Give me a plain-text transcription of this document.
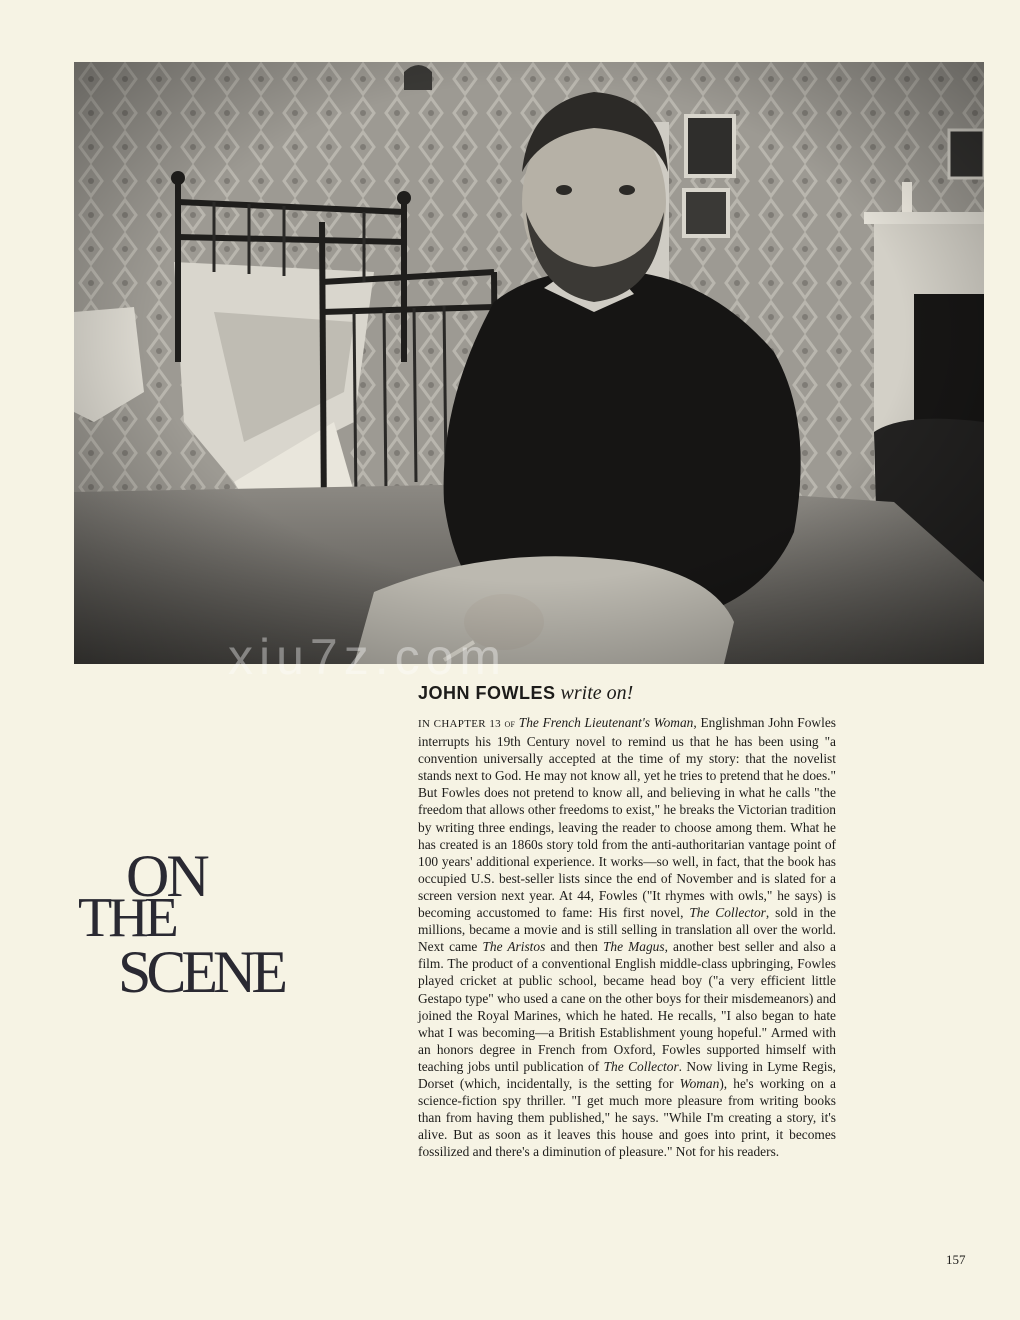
xiu7z.com
ON
THE
SCENE
JOHN FOWLES write on!

IN CHAPTER 13 of The French Lieutenant's Woman, Englishman John Fowles interrupts his 19th Century novel to remind us that he has been using "a convention universally accepted at the time of my story: that the novelist stands next to God. He may not know all, yet he tries to pretend that he does." But Fowles does not pretend to know all, and believing in what he calls "the freedom that allows other freedoms to exist," he breaks the Victorian tradition by writing three endings, leaving the reader to choose among them. What he has created is an 1860s story told from the anti-authoritarian vantage point of 100 years' additional experience. It works—so well, in fact, that the book has occupied U.S. best-seller lists since the end of November and is slated for a screen version next year. At 44, Fowles ("It rhymes with owls," he says) is becoming accustomed to fame: His first novel, The Collector, sold in the millions, became a movie and is still selling in translation all over the world. Next came The Aristos and then The Magus, another best seller and also a film. The product of a conventional English middle-class upbringing, Fowles played cricket at public school, became head boy ("a very efficient little Gestapo type" who used a cane on the other boys for their misdemeanors) and joined the Royal Marines, which he hated. He recalls, "I also began to hate what I was becoming—a British Establishment young hopeful." Armed with an honors degree in French from Oxford, Fowles supported himself with teaching jobs until publication of The Collector. Now living in Lyme Regis, Dorset (which, incidentally, is the setting for Woman), he's working on a science-fiction spy thriller. "I get much more pleasure from writing books than from having them published," he says. "While I'm creating a story, it's alive. But as soon as it leaves this house and goes into print, it becomes fossilized and there's a diminution of pleasure." Not for his readers.

157
